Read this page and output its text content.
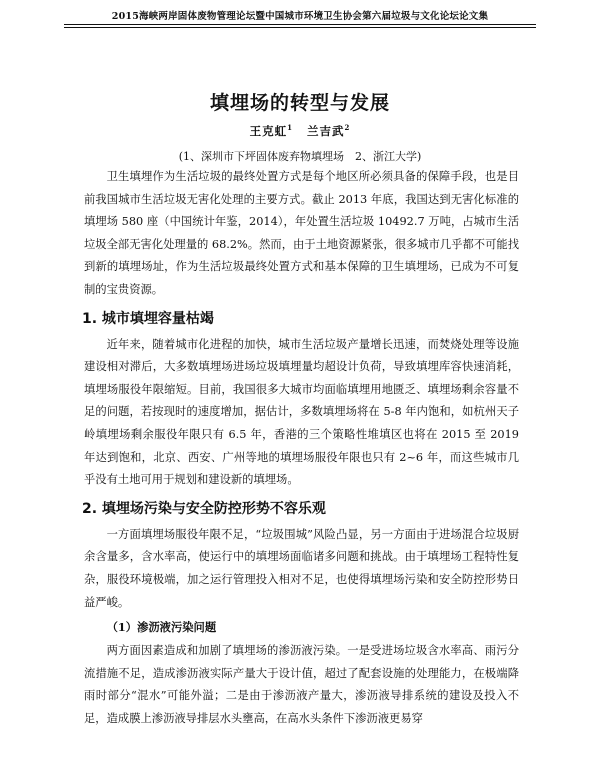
2015海峡两岸固体废物管理论坛暨中国城市环境卫生协会第六届垃圾与文化论坛论文集
填埋场的转型与发展
王克虹$^1$ 兰吉武$^2$
(1、深圳市下坪固体废弃物填埋场　2、浙江大学)

卫生填埋作为生活垃圾的最终处置方式是每个地区所必须具备的保障手段，也是目前我国城市生活垃圾无害化处理的主要方式。截止 2013 年底，我国达到无害化标准的填埋场 580 座（中国统计年鉴，2014），年处置生活垃圾 10492.7 万吨，占城市生活垃圾全部无害化处理量的 68.2%。然而，由于土地资源紧张，很多城市几乎都不可能找到新的填埋场址，作为生活垃圾最终处置方式和基本保障的卫生填埋场，已成为不可复制的宝贵资源。

1. 城市填埋容量枯竭

近年来，随着城市化进程的加快，城市生活垃圾产量增长迅速，而焚烧处理等设施建设相对滞后，大多数填埋场进场垃圾填埋量均超设计负荷，导致填埋库容快速消耗，填埋场服役年限缩短。目前，我国很多大城市均面临填埋用地匮乏、填埋场剩余容量不足的问题，若按现时的速度增加，据估计，多数填埋场将在 5-8 年内饱和，如杭州天子岭填埋场剩余服役年限只有 6.5 年，香港的三个策略性堆填区也将在 2015 至 2019 年达到饱和，北京、西安、广州等地的填埋场服役年限也只有 2~6 年，而这些城市几乎没有土地可用于规划和建设新的填埋场。

2. 填埋场污染与安全防控形势不容乐观

一方面填埋场服役年限不足，“垃圾围城”风险凸显，另一方面由于进场混合垃圾厨余含量多，含水率高，使运行中的填埋场面临诸多问题和挑战。由于填埋场工程特性复杂，服役环境极端，加之运行管理投入相对不足，也使得填埋场污染和安全防控形势日益严峻。

（1）渗沥液污染问题

两方面因素造成和加剧了填埋场的渗沥液污染。一是受进场垃圾含水率高、雨污分流措施不足，造成渗沥液实际产量大于设计值，超过了配套设施的处理能力，在极端降雨时部分“混水”可能外溢；二是由于渗沥液产量大，渗沥液导排系统的建设及投入不足，造成膜上渗沥液导排层水头壅高，在高水头条件下渗沥液更易穿
